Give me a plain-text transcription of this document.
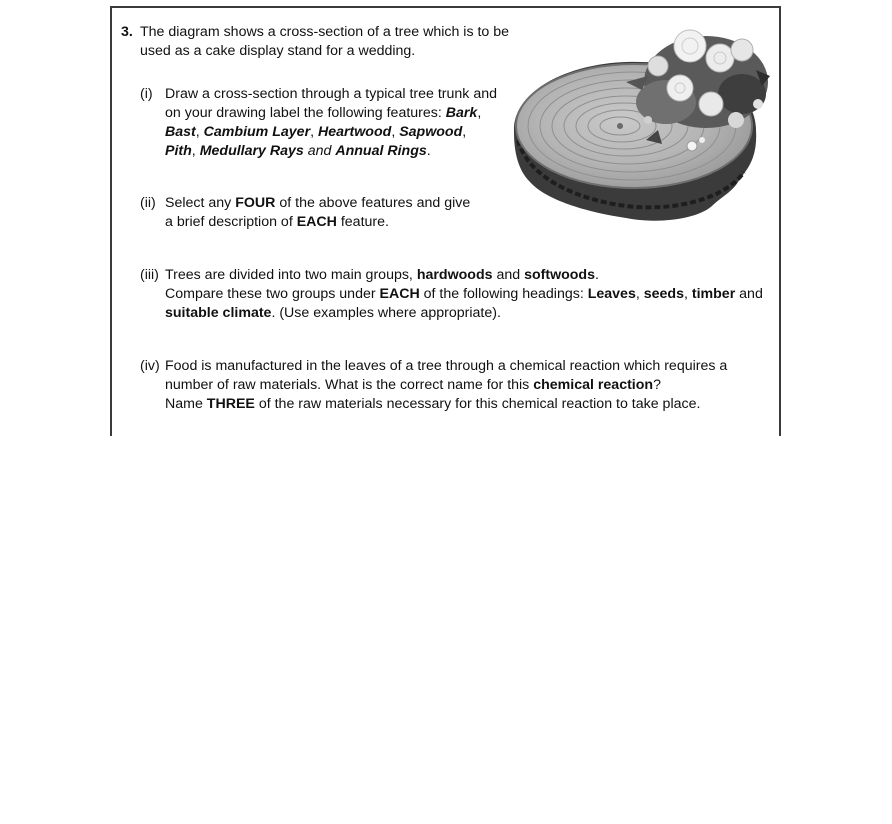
3. The diagram shows a cross-section of a tree which is to be
used as a cake display stand for a wedding.
(i) Draw a cross-section through a typical tree trunk and
on your drawing label the following features: Bark,
Bast, Cambium Layer, Heartwood, Sapwood,
Pith, Medullary Rays and Annual Rings.
(ii) Select any FOUR of the above features and give
a brief description of EACH feature.
(iii) Trees are divided into two main groups, hardwoods and softwoods.
Compare these two groups under EACH of the following headings: Leaves, seeds, timber and
suitable climate. (Use examples where appropriate).
(iv) Food is manufactured in the leaves of a tree through a chemical reaction which requires a
number of raw materials. What is the correct name for this chemical reaction?
Name THREE of the raw materials necessary for this chemical reaction to take place.
